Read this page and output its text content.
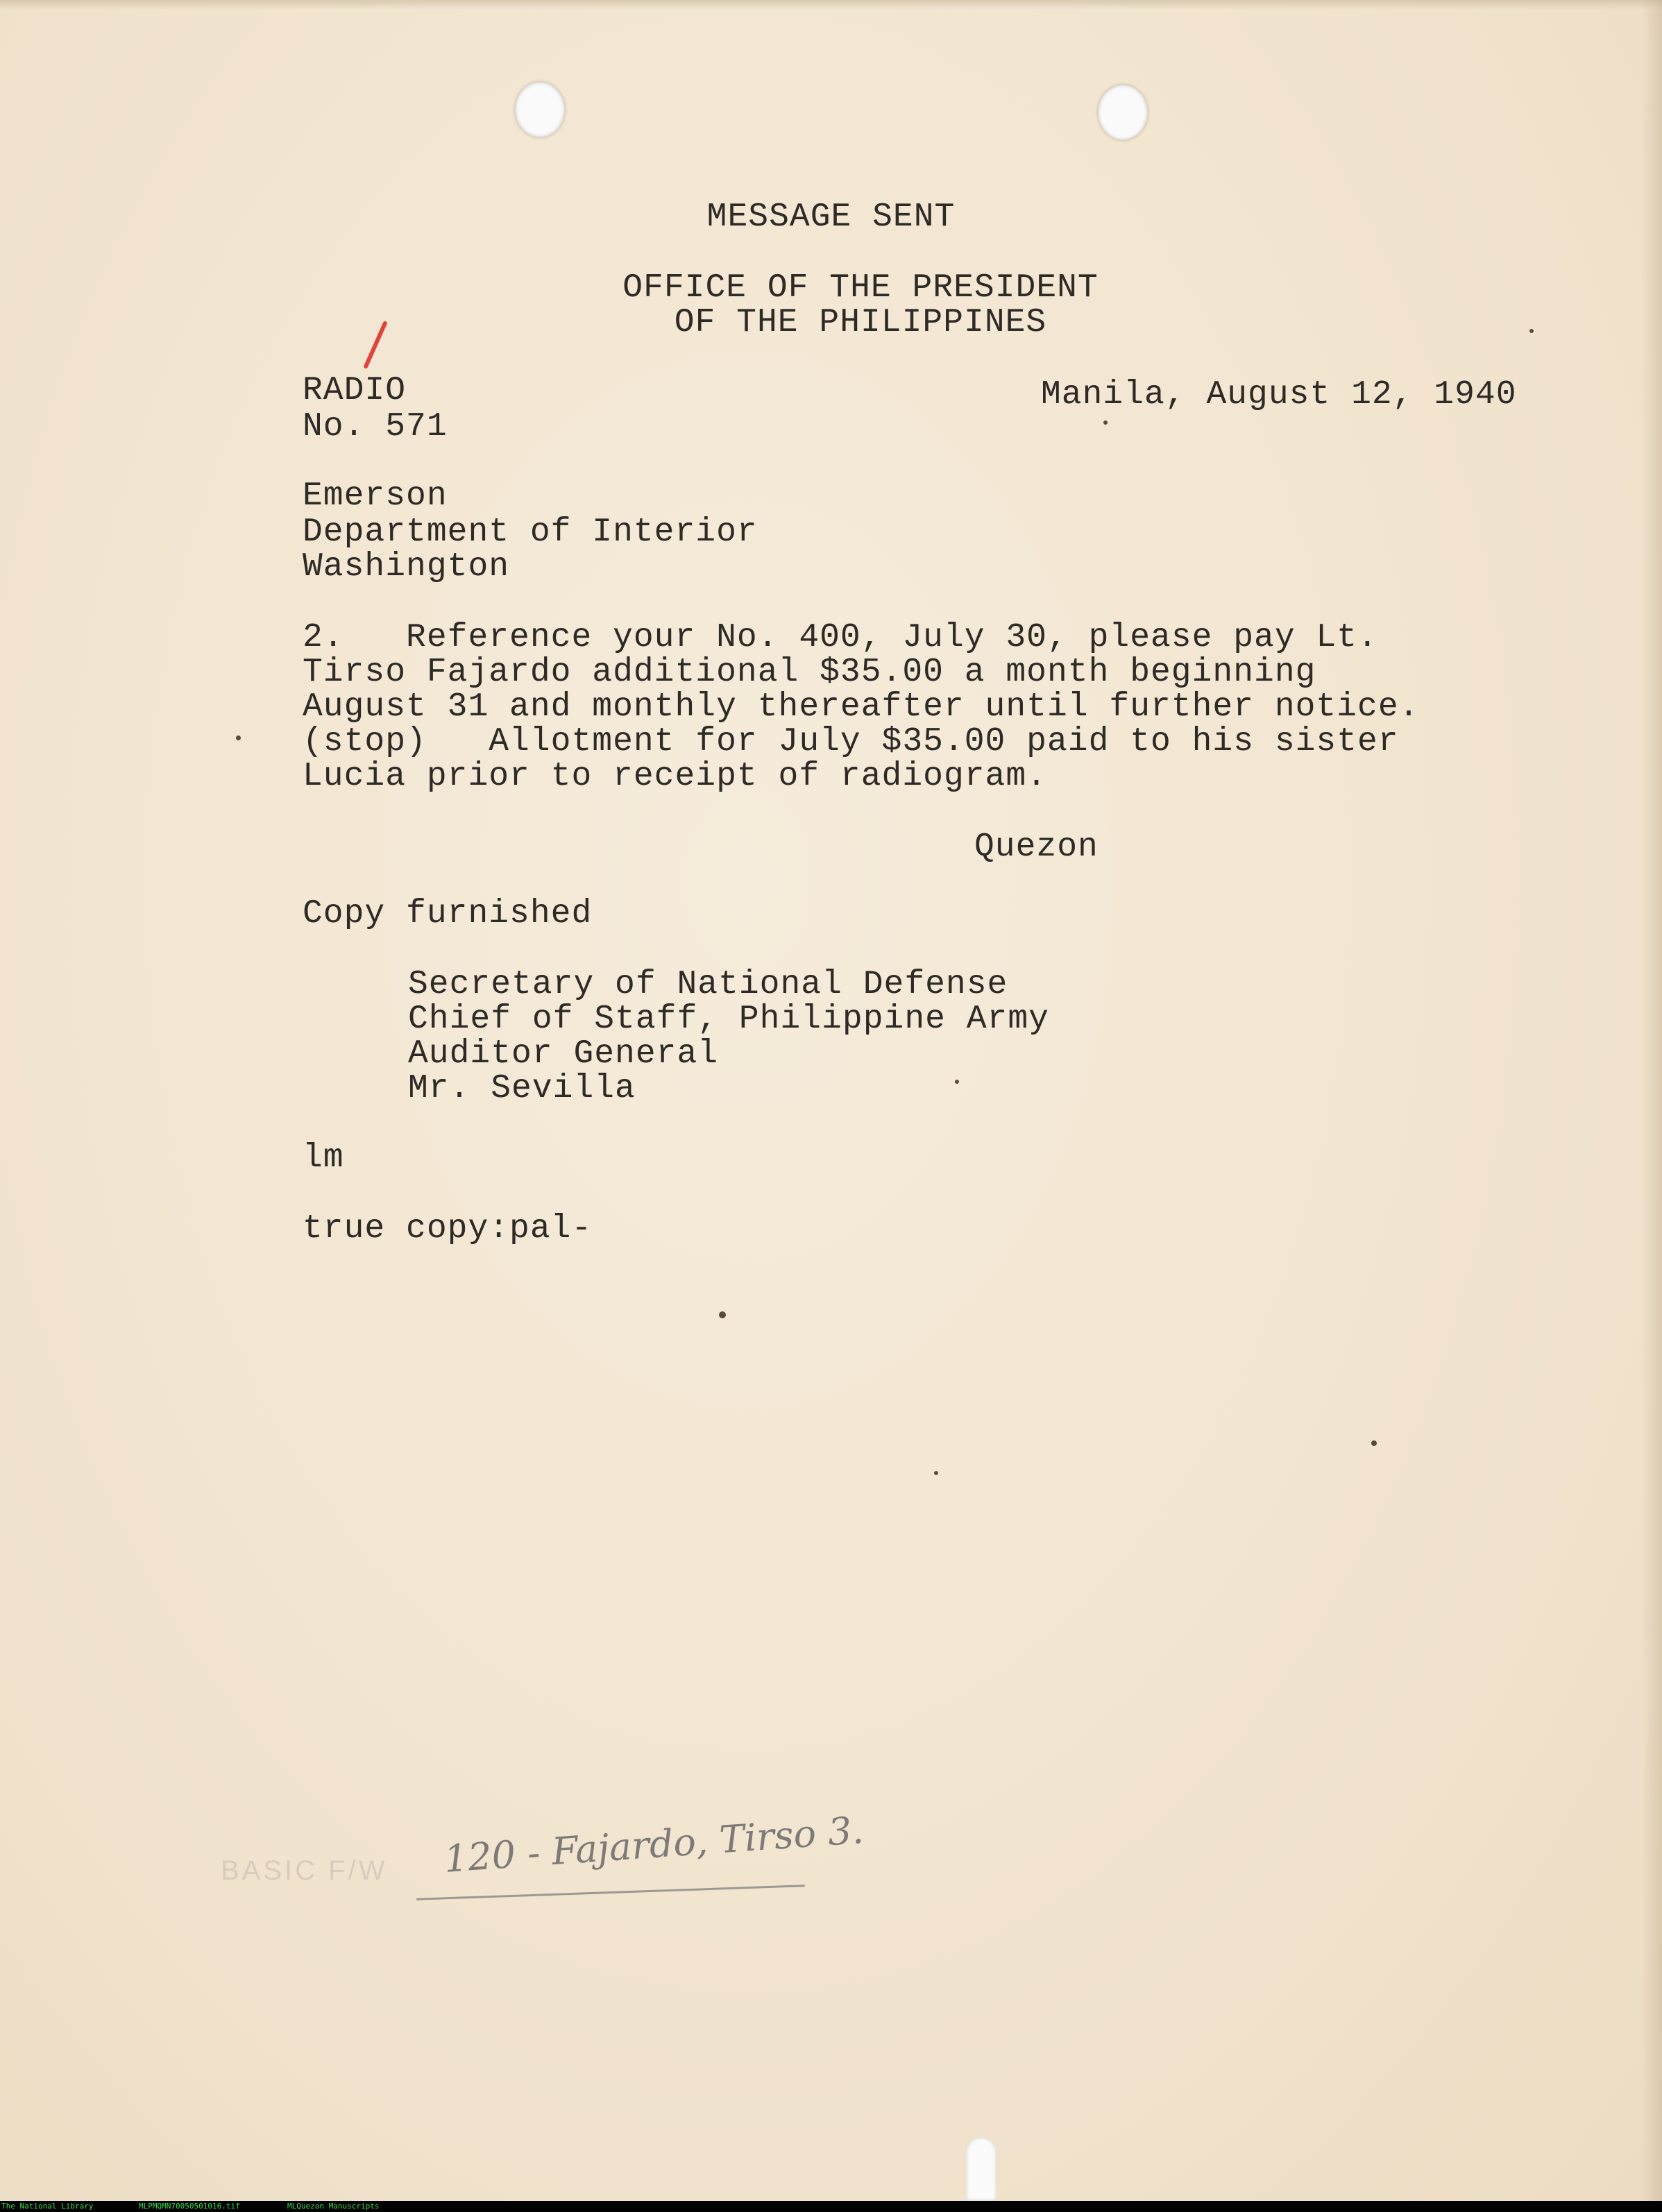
MESSAGE SENT
OFFICE OF THE PRESIDENT
OF THE PHILIPPINES
RADIO
No. 571
Manila, August 12, 1940
Emerson
Department of Interior
Washington
2.   Reference your No. 400, July 30, please pay Lt.
Tirso Fajardo additional $35.00 a month beginning
August 31 and monthly thereafter until further notice.
(stop)   Allotment for July $35.00 paid to his sister
Lucia prior to receipt of radiogram.
Quezon
Copy furnished
Secretary of National Defense
Chief of Staff, Philippine Army
Auditor General
Mr. Sevilla
lm
true copy:pal-
BASIC F/W 120 - Fajardo, Tirso 3.
The National Library	MLPMQMN70050501016.tif	MLQuezon Manuscripts
